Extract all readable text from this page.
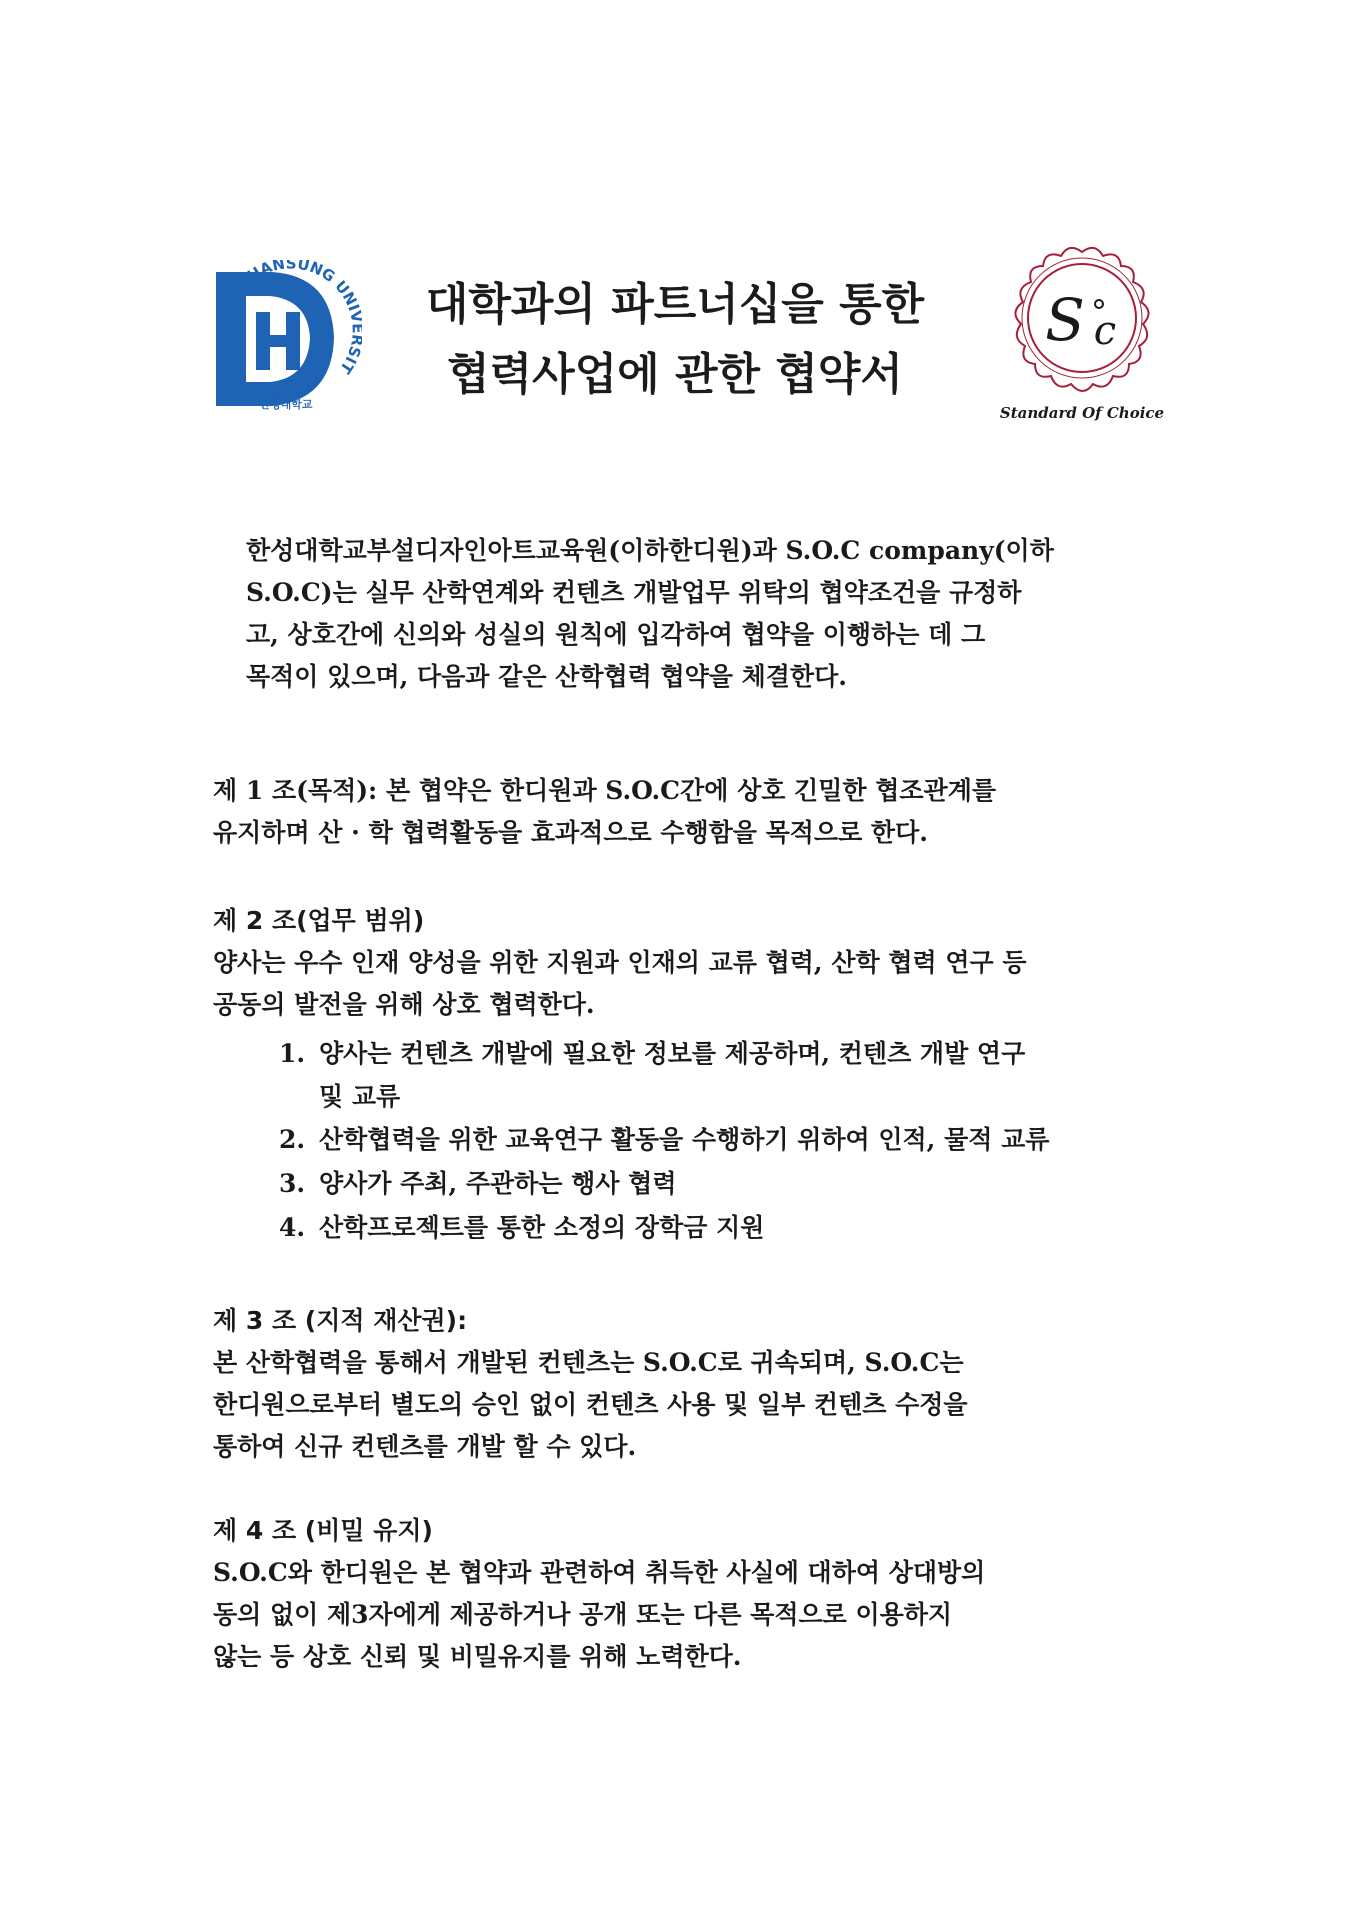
HANSUNG UNI IT
Since 1945
한성대학교
대학과의 파트너십을 통한
협력사업에 관한 협약서
S c
Standard Of Choice
한성대학교부설디자인아트교육원(이하한디원)과 S.O.C company(이하
S.O.C)는 실무 산학연계와 컨텐츠 개발업무 위탁의 협약조건을 규정하
고, 상호간에 신의와 성실의 원칙에 입각하여 협약을 이행하는 데 그
목적이 있으며, 다음과 같은 산학협력 협약을 체결한다.
제 1 조(목적): 본 협약은 한디원과 S.O.C간에 상호 긴밀한 협조관계를
유지하며 산 · 학 협력활동을 효과적으로 수행함을 목적으로 한다.
제 2 조(업무 범위)
양사는 우수 인재 양성을 위한 지원과 인재의 교류 협력, 산학 협력 연구 등
공동의 발전을 위해 상호 협력한다.
1. 양사는 컨텐츠 개발에 필요한 정보를 제공하며, 컨텐츠 개발 연구
및 교류
2. 산학협력을 위한 교육연구 활동을 수행하기 위하여 인적, 물적 교류
3. 양사가 주최, 주관하는 행사 협력
4. 산학프로젝트를 통한 소정의 장학금 지원
제 3 조 (지적 재산권):
본 산학협력을 통해서 개발된 컨텐츠는 S.O.C로 귀속되며, S.O.C는
한디원으로부터 별도의 승인 없이 컨텐츠 사용 및 일부 컨텐츠 수정을
통하여 신규 컨텐츠를 개발 할 수 있다.
제 4 조 (비밀 유지)
S.O.C와 한디원은 본 협약과 관련하여 취득한 사실에 대하여 상대방의
동의 없이 제3자에게 제공하거나 공개 또는 다른 목적으로 이용하지
않는 등 상호 신뢰 및 비밀유지를 위해 노력한다.
